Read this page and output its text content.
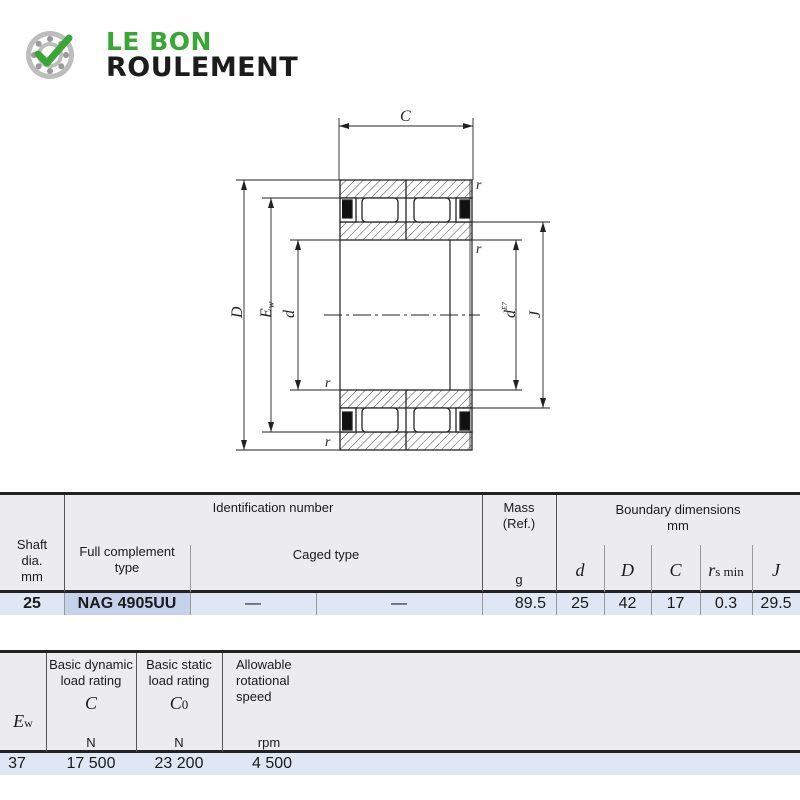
LE BON
ROULEMENT
C
D Ew
d	$d^{E7}$
J
r
r
r
r
Shaft
dia.
mm
Identification number
Full complement
type
Caged type
Mass
(Ref.)
g
Boundary dimensions
mm
d	D	C	rs min	J
25	NAG 4905UU	—	—	89.5	25	42	17	0.3	29.5
Ew
Basic dynamic
load rating
C
N
Basic static
load rating
C0
N
Allowable
rotational
speed
rpm
37	17 500	23 200	4 500
